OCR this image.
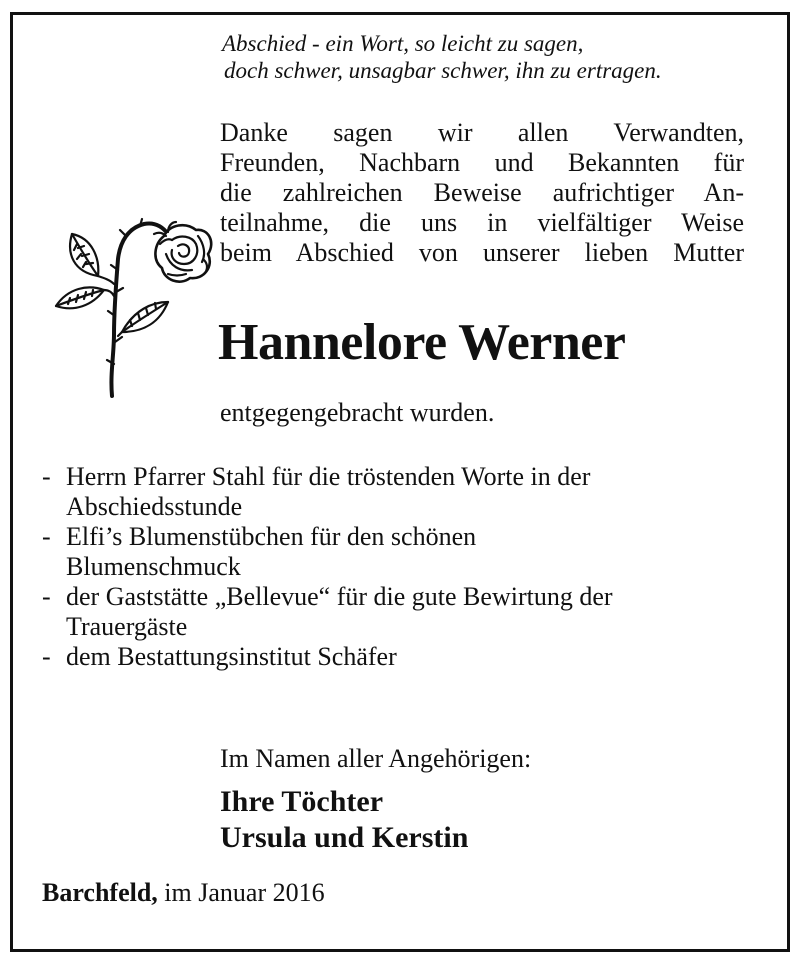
Abschied - ein Wort, so leicht zu sagen,
doch schwer, unsagbar schwer, ihn zu ertragen.
Danke sagen wir allen Verwandten,
Freunden, Nachbarn und Bekannten für
die zahlreichen Beweise aufrichtiger An-
teilnahme, die uns in vielfältiger Weise
beim Abschied von unserer lieben Mutter
Hannelore Werner
entgegengebracht wurden.
- Herrn Pfarrer Stahl für die tröstenden Worte in der
Abschiedsstunde
- Elfi’s Blumenstübchen für den schönen
Blumenschmuck
- der Gaststätte „Bellevue“ für die gute Bewirtung der
Trauergäste
- dem Bestattungsinstitut Schäfer
Im Namen aller Angehörigen:
Ihre Töchter
Ursula und Kerstin
Barchfeld, im Januar 2016
